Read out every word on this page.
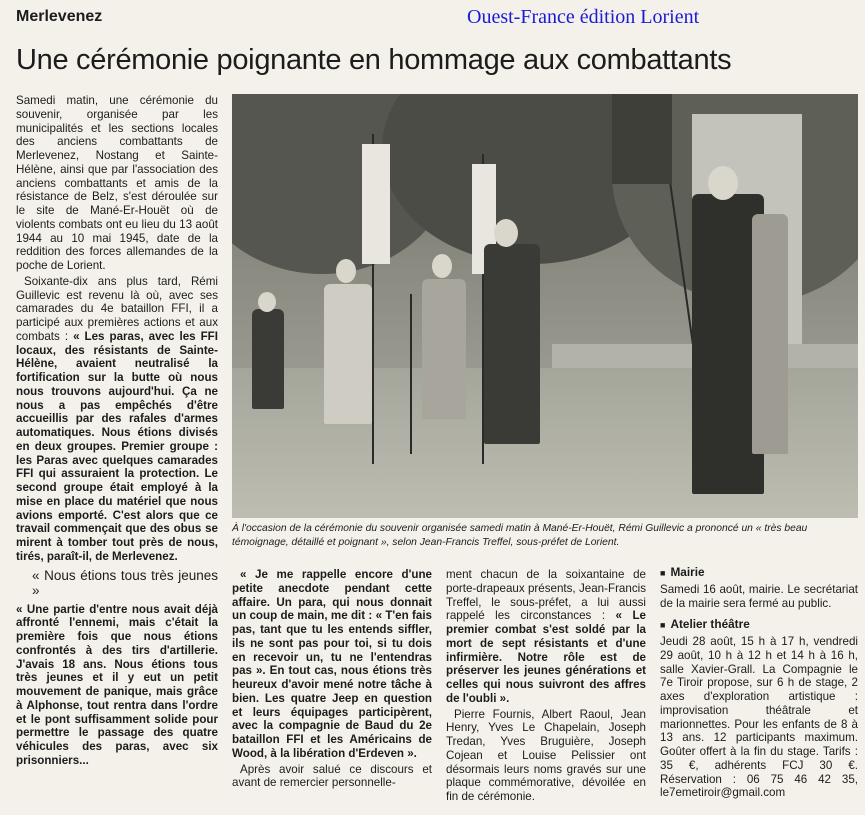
Merlevenez	Ouest-France édition Lorient
Une cérémonie poignante en hommage aux combattants

Samedi matin, une cérémonie du souvenir, organisée par les municipalités et les sections locales des anciens combattants de Merlevenez, Nostang et Sainte-Hélène, ainsi que par l'association des anciens combattants et amis de la résistance de Belz, s'est déroulée sur le site de Mané-Er-Houët où de violents combats ont eu lieu du 13 août 1944 au 10 mai 1945, date de la reddition des forces allemandes de la poche de Lorient.

Soixante-dix ans plus tard, Rémi Guillevic est revenu là où, avec ses camarades du 4e bataillon FFI, il a participé aux premières actions et aux combats : « Les paras, avec les FFI locaux, des résistants de Sainte-Hélène, avaient neutralisé la fortification sur la butte où nous nous trouvons aujourd'hui. Ça ne nous a pas empêchés d'être accueillis par des rafales d'armes automatiques. Nous étions divisés en deux groupes. Premier groupe : les Paras avec quelques camarades FFI qui assuraient la protection. Le second groupe était employé à la mise en place du matériel que nous avions emporté. C'est alors que ce travail commençait que des obus se mirent à tomber tout près de nous, tirés, paraît-il, de Merlevenez.

« Nous étions tous très jeunes »

« Une partie d'entre nous avait déjà affronté l'ennemi, mais c'était la première fois que nous étions confrontés à des tirs d'artillerie. J'avais 18 ans. Nous étions tous très jeunes et il y eut un petit mouvement de panique, mais grâce à Alphonse, tout rentra dans l'ordre et le pont suffisamment solide pour permettre le passage des quatre véhicules des paras, avec six prisonniers...

À l'occasion de la cérémonie du souvenir organisée samedi matin à Mané-Er-Houët, Rémi Guillevic a prononcé un « très beau témoignage, détaillé et poignant », selon Jean-Francis Treffel, sous-préfet de Lorient.

« Je me rappelle encore d'une petite anecdote pendant cette affaire. Un para, qui nous donnait un coup de main, me dit : « T'en fais pas, tant que tu les entends siffler, ils ne sont pas pour toi, si tu dois en recevoir un, tu ne l'entendras pas ». En tout cas, nous étions très heureux d'avoir mené notre tâche à bien. Les quatre Jeep en question et leurs équipages participèrent, avec la compagnie de Baud du 2e bataillon FFI et les Américains de Wood, à la libération d'Erdeven ».

Après avoir salué ce discours et avant de remercier personnelle-

ment chacun de la soixantaine de porte-drapeaux présents, Jean-Francis Treffel, le sous-préfet, a lui aussi rappelé les circonstances : « Le premier combat s'est soldé par la mort de sept résistants et d'une infirmière. Notre rôle est de préserver les jeunes générations et celles qui nous suivront des affres de l'oubli ».

Pierre Fournis, Albert Raoul, Jean Henry, Yves Le Chapelain, Joseph Tredan, Yves Bruguière, Joseph Cojean et Louise Pelissier ont désormais leurs noms gravés sur une plaque commémorative, dévoilée en fin de cérémonie.

■ Mairie

Samedi 16 août, mairie. Le secrétariat de la mairie sera fermé au public.

■ Atelier théâtre

Jeudi 28 août, 15 h à 17 h, vendredi 29 août, 10 h à 12 h et 14 h à 16 h, salle Xavier-Grall. La Compagnie le 7e Tiroir propose, sur 6 h de stage, 2 axes d'exploration artistique : improvisation théâtrale et marionnettes. Pour les enfants de 8 à 13 ans. 12 participants maximum. Goûter offert à la fin du stage. Tarifs : 35 €, adhérents FCJ 30 €. Réservation : 06 75 46 42 35, le7emetiroir@gmail.com
